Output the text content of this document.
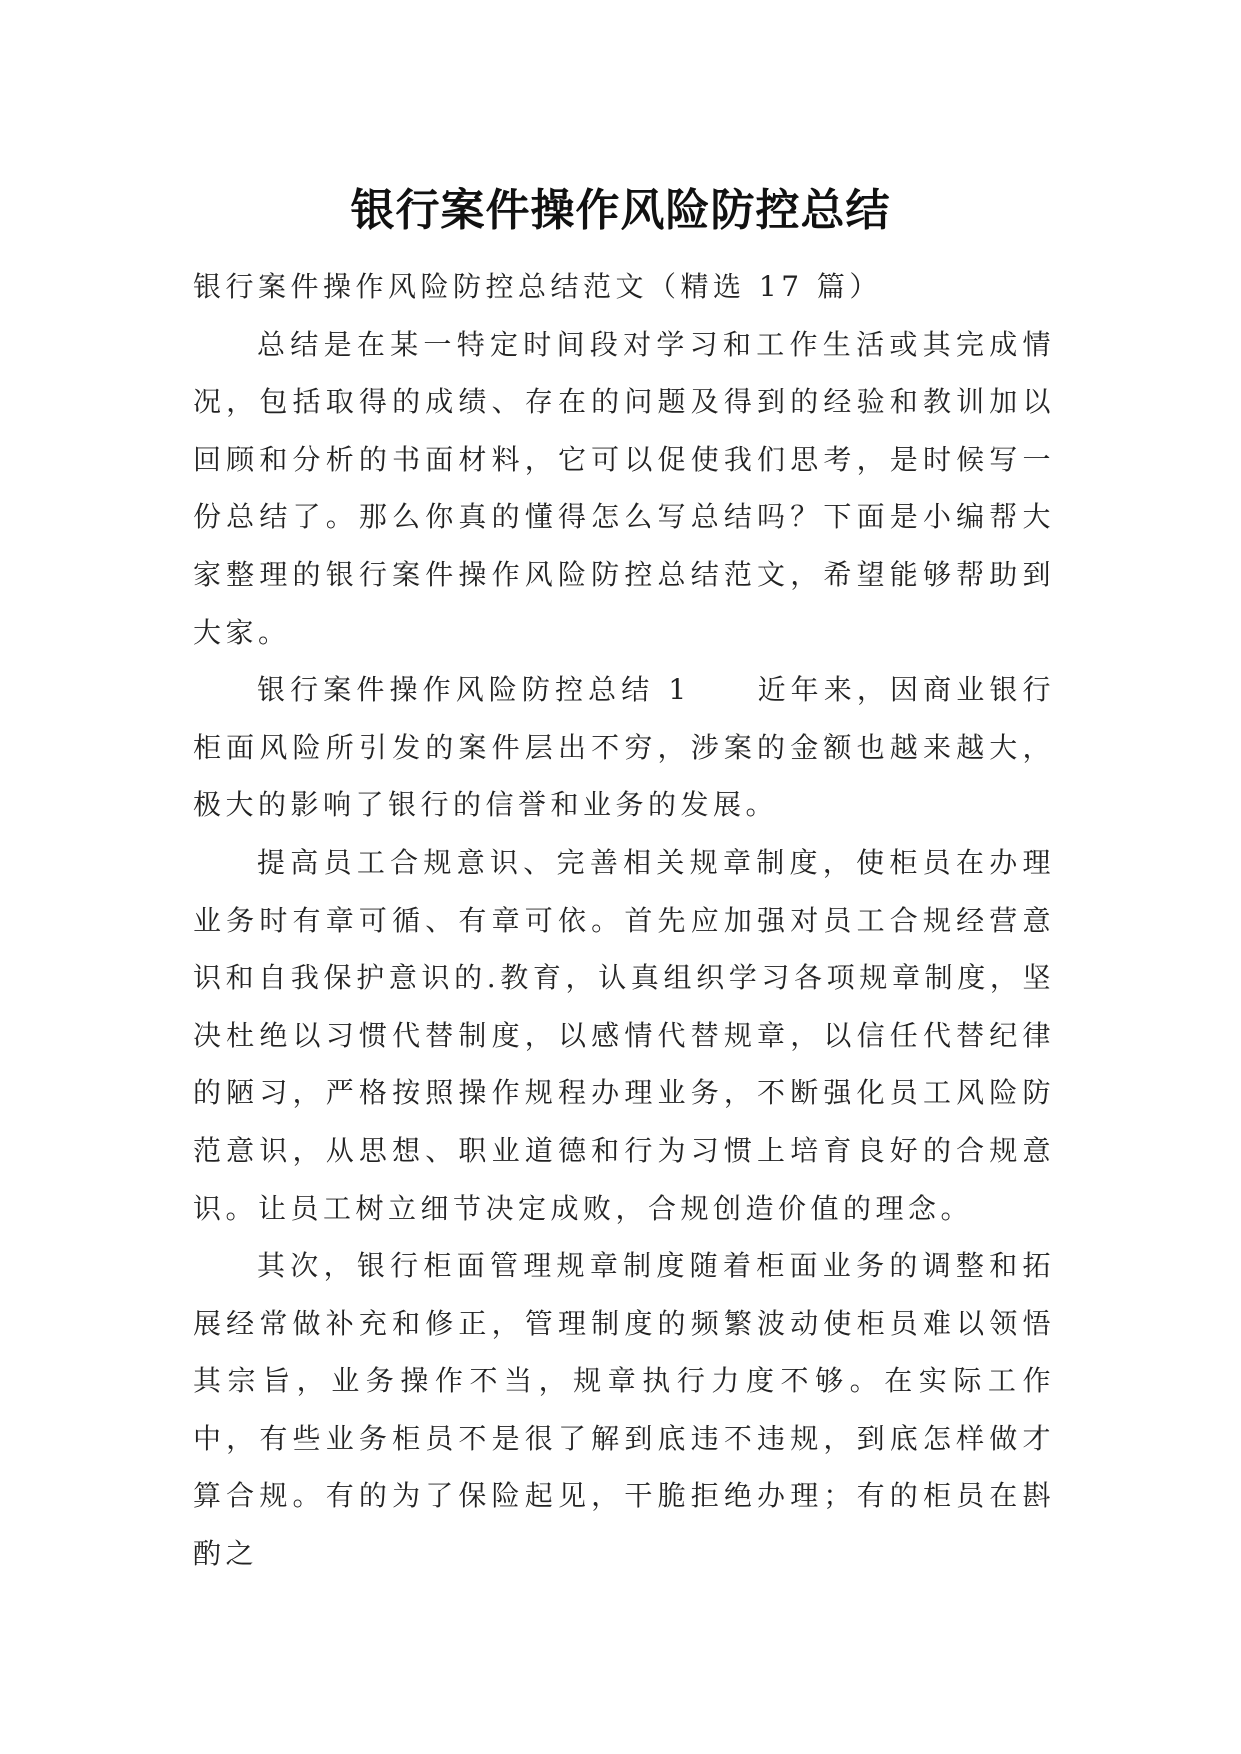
银行案件操作风险防控总结

银行案件操作风险防控总结范文（精选 17 篇）

总结是在某一特定时间段对学习和工作生活或其完成情况，包括取得的成绩、存在的问题及得到的经验和教训加以回顾和分析的书面材料，它可以促使我们思考，是时候写一份总结了。那么你真的懂得怎么写总结吗？下面是小编帮大家整理的银行案件操作风险防控总结范文，希望能够帮助到大家。

银行案件操作风险防控总结 1　　近年来，因商业银行柜面风险所引发的案件层出不穷，涉案的金额也越来越大，极大的影响了银行的信誉和业务的发展。

提高员工合规意识、完善相关规章制度，使柜员在办理业务时有章可循、有章可依。首先应加强对员工合规经营意识和自我保护意识的.教育，认真组织学习各项规章制度，坚决杜绝以习惯代替制度，以感情代替规章，以信任代替纪律的陋习，严格按照操作规程办理业务，不断强化员工风险防范意识，从思想、职业道德和行为习惯上培育良好的合规意识。让员工树立细节决定成败，合规创造价值的理念。

其次，银行柜面管理规章制度随着柜面业务的调整和拓展经常做补充和修正，管理制度的频繁波动使柜员难以领悟其宗旨，业务操作不当，规章执行力度不够。在实际工作中，有些业务柜员不是很了解到底违不违规，到底怎样做才算合规。有的为了保险起见，干脆拒绝办理；有的柜员在斟酌之
